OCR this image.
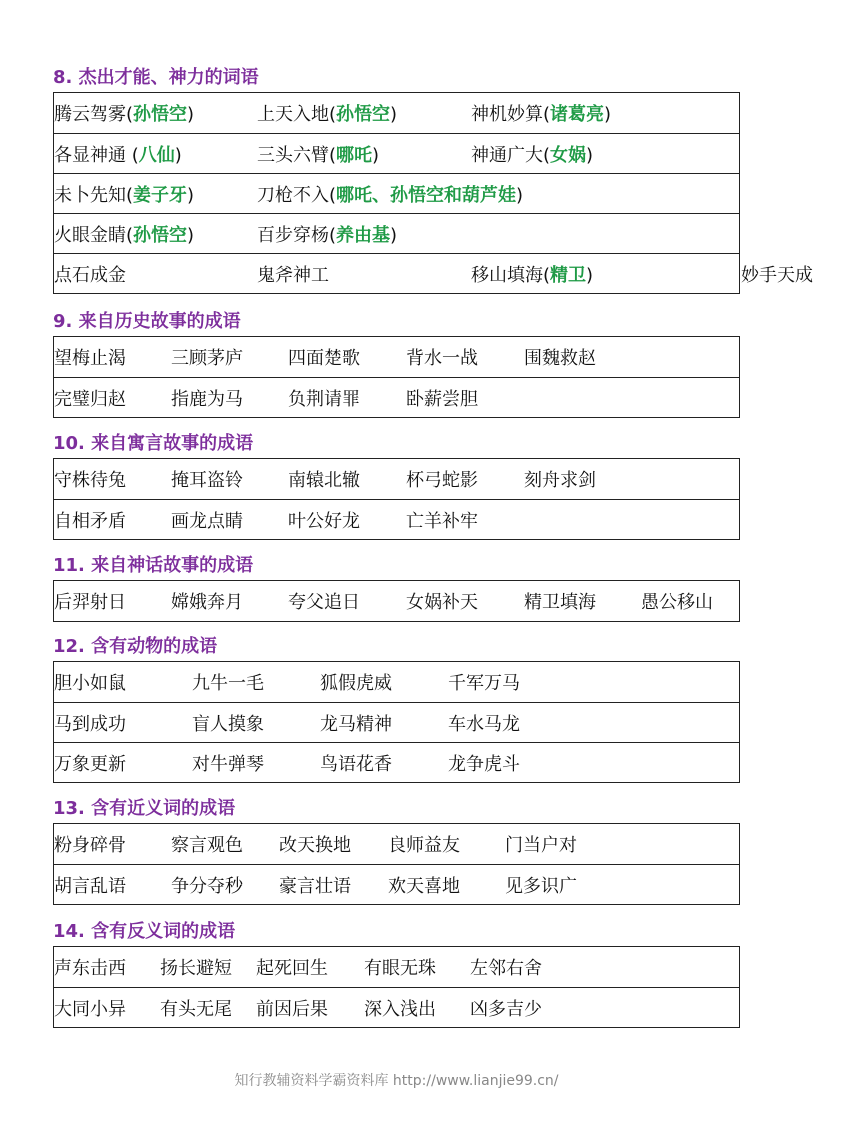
8. 杰出才能、神力的词语
腾云驾雾(孙悟空)	上天入地(孙悟空)	神机妙算(诸葛亮)
各显神通 (八仙)	三头六臂(哪吒)	神通广大(女娲)
未卜先知(姜子牙)	刀枪不入(哪吒、孙悟空和葫芦娃)
火眼金睛(孙悟空)	百步穿杨(养由基)
点石成金	鬼斧神工	移山填海(精卫)	妙手天成
9. 来自历史故事的成语
望梅止渴	三顾茅庐	四面楚歌	背水一战	围魏救赵
完璧归赵	指鹿为马	负荆请罪	卧薪尝胆
10. 来自寓言故事的成语
守株待兔	掩耳盗铃	南辕北辙	杯弓蛇影	刻舟求剑
自相矛盾	画龙点睛	叶公好龙	亡羊补牢
11. 来自神话故事的成语
后羿射日	嫦娥奔月	夸父追日	女娲补天	精卫填海	愚公移山
12. 含有动物的成语
胆小如鼠	九牛一毛	狐假虎威	千军万马
马到成功	盲人摸象	龙马精神	车水马龙
万象更新	对牛弹琴	鸟语花香	龙争虎斗
13. 含有近义词的成语
粉身碎骨	察言观色	改天换地	良师益友	门当户对
胡言乱语	争分夺秒	豪言壮语	欢天喜地	见多识广
14. 含有反义词的成语
声东击西	扬长避短	起死回生	有眼无珠	左邻右舍
大同小异	有头无尾	前因后果	深入浅出	凶多吉少
知行教辅资料学霸资料库 http://www.lianjie99.cn/
